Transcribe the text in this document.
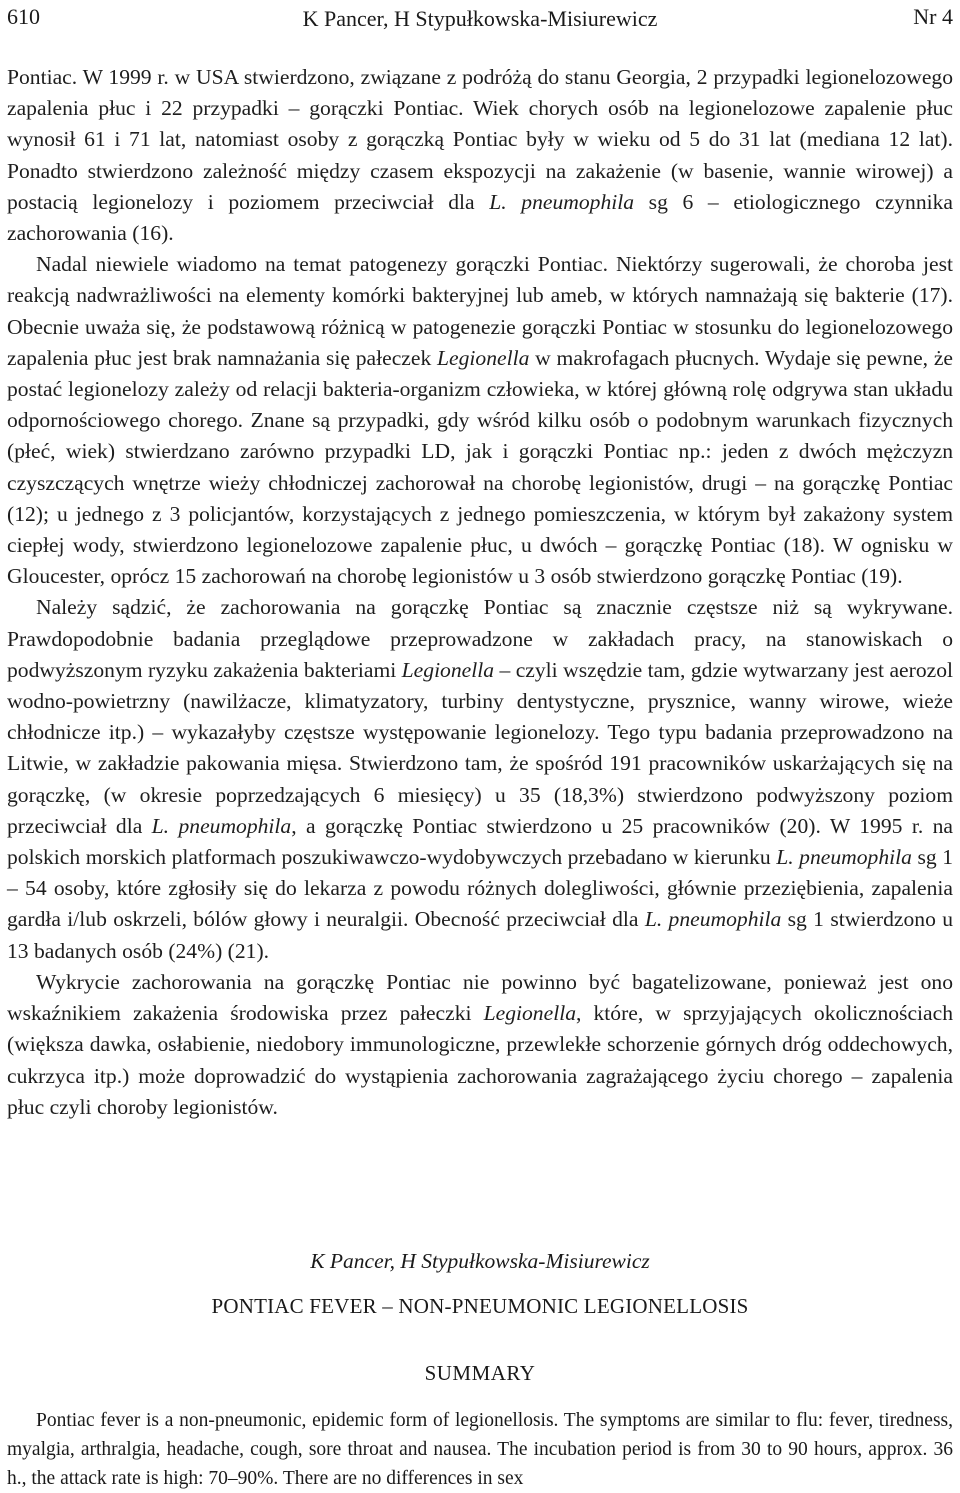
610	K Pancer, H Stypułkowska-Misiurewicz	Nr 4

Pontiac. W 1999 r. w USA stwierdzono, związane z podróżą do stanu Georgia, 2 przypadki legionelozowego zapalenia płuc i 22 przypadki – gorączki Pontiac. Wiek chorych osób na legionelozowe zapalenie płuc wynosił 61 i 71 lat, natomiast osoby z gorączką Pontiac były w wieku od 5 do 31 lat (mediana 12 lat). Ponadto stwierdzono zależność między czasem ekspozycji na zakażenie (w basenie, wannie wirowej) a postacią legionelozy i poziomem przeciwciał dla L. pneumophila sg 6 – etiologicznego czynnika zachorowania (16).

Nadal niewiele wiadomo na temat patogenezy gorączki Pontiac. Niektórzy sugerowali, że choroba jest reakcją nadwrażliwości na elementy komórki bakteryjnej lub ameb, w których namnażają się bakterie (17). Obecnie uważa się, że podstawową różnicą w patogenezie gorączki Pontiac w stosunku do legionelozowego zapalenia płuc jest brak namnażania się pałeczek Legionella w makrofagach płucnych. Wydaje się pewne, że postać legionelozy zależy od relacji bakteria-organizm człowieka, w której główną rolę odgrywa stan układu odpornościowego chorego. Znane są przypadki, gdy wśród kilku osób o podobnym warunkach fizycznych (płeć, wiek) stwierdzano zarówno przypadki LD, jak i gorączki Pontiac np.: jeden z dwóch mężczyzn czyszczących wnętrze wieży chłodniczej zachorował na chorobę legionistów, drugi – na gorączkę Pontiac (12); u jednego z 3 policjantów, korzystających z jednego pomieszczenia, w którym był zakażony system ciepłej wody, stwierdzono legionelozowe zapalenie płuc, u dwóch – gorączkę Pontiac (18). W ognisku w Gloucester, oprócz 15 zachorowań na chorobę legionistów u 3 osób stwierdzono gorączkę Pontiac (19).

Należy sądzić, że zachorowania na gorączkę Pontiac są znacznie częstsze niż są wykrywane. Prawdopodobnie badania przeglądowe przeprowadzone w zakładach pracy, na stanowiskach o podwyższonym ryzyku zakażenia bakteriami Legionella – czyli wszędzie tam, gdzie wytwarzany jest aerozol wodno-powietrzny (nawilżacze, klimatyzatory, turbiny dentystyczne, prysznice, wanny wirowe, wieże chłodnicze itp.) – wykazałyby częstsze występowanie legionelozy. Tego typu badania przeprowadzono na Litwie, w zakładzie pakowania mięsa. Stwierdzono tam, że spośród 191 pracowników uskarżających się na gorączkę, (w okresie poprzedzających 6 miesięcy) u 35 (18,3%) stwierdzono podwyższony poziom przeciwciał dla L. pneumophila, a gorączkę Pontiac stwierdzono u 25 pracowników (20). W 1995 r. na polskich morskich platformach poszukiwawczo-wydobywczych przebadano w kierunku L. pneumophila sg 1 – 54 osoby, które zgłosiły się do lekarza z powodu różnych dolegliwości, głównie przeziębienia, zapalenia gardła i/lub oskrzeli, bólów głowy i neuralgii. Obecność przeciwciał dla L. pneumophila sg 1 stwierdzono u 13 badanych osób (24%) (21).

Wykrycie zachorowania na gorączkę Pontiac nie powinno być bagatelizowane, ponieważ jest ono wskaźnikiem zakażenia środowiska przez pałeczki Legionella, które, w sprzyjających okolicznościach (większa dawka, osłabienie, niedobory immunologiczne, przewlekłe schorzenie górnych dróg oddechowych, cukrzyca itp.) może doprowadzić do wystąpienia zachorowania zagrażającego życiu chorego – zapalenia płuc czyli choroby legionistów.

K Pancer, H Stypułkowska-Misiurewicz
PONTIAC FEVER – NON-PNEUMONIC LEGIONELLOSIS
SUMMARY

Pontiac fever is a non-pneumonic, epidemic form of legionellosis. The symptoms are similar to flu: fever, tiredness, myalgia, arthralgia, headache, cough, sore throat and nausea. The incubation period is from 30 to 90 hours, approx. 36 h., the attack rate is high: 70–90%. There are no differences in sex
